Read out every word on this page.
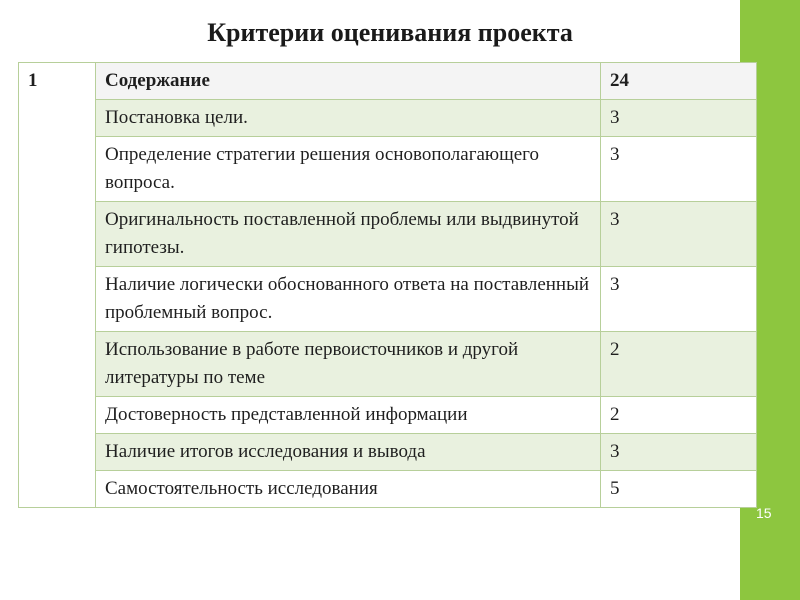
15
Критерии оценивания проекта
1	Содержание	24
	Постановка цели.	3
	Определение стратегии решения основополагающего вопроса.	3
	Оригинальность поставленной проблемы или выдвинутой гипотезы.	3
	Наличие логически обоснованного ответа на поставленный проблемный вопрос.	3
	Использование в работе первоисточников и другой литературы по теме	2
	Достоверность представленной информации	2
	Наличие итогов исследования и вывода	3
	Самостоятельность исследования	5
